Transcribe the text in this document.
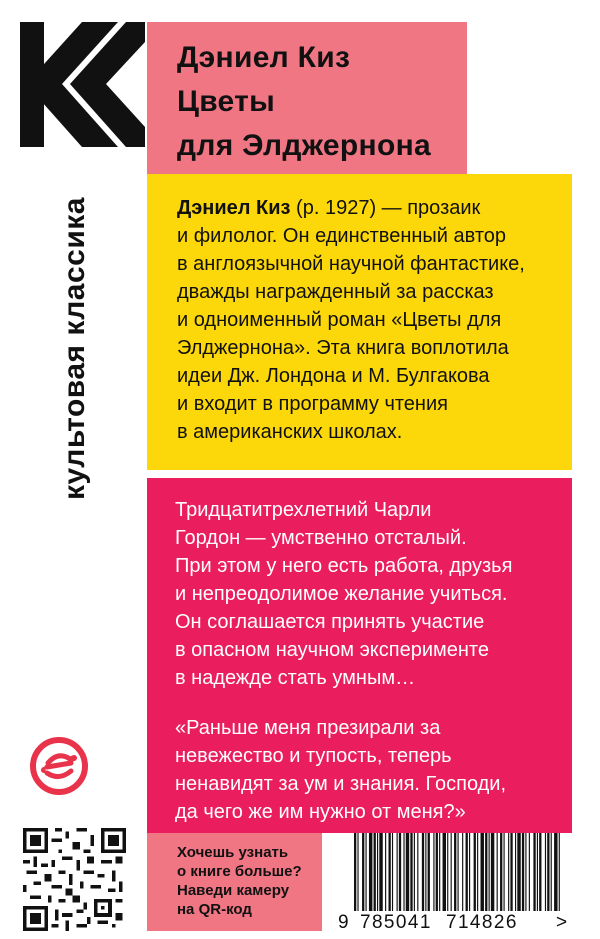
культовая классика
Дэниел Киз
Цветы
для Элджернона
Дэниел Киз (р. 1927) — прозаик
и филолог. Он единственный автор
в англоязычной научной фантастике,
дважды награжденный за рассказ
и одноименный роман «Цветы для
Элджернона». Эта книга воплотила
идеи Дж. Лондона и М. Булгакова
и входит в программу чтения
в американских школах.
Тридцатитрехлетний Чарли
Гордон — умственно отсталый.
При этом у него есть работа, друзья
и непреодолимое желание учиться.
Он соглашается принять участие
в опасном научном эксперименте
в надежде стать умным…
«Раньше меня презирали за
невежество и тупость, теперь
ненавидят за ум и знания. Господи,
да чего же им нужно от меня?»
Хочешь узнать
о книге больше?
Наведи камеру
на QR-код
9 785041 714826 >
